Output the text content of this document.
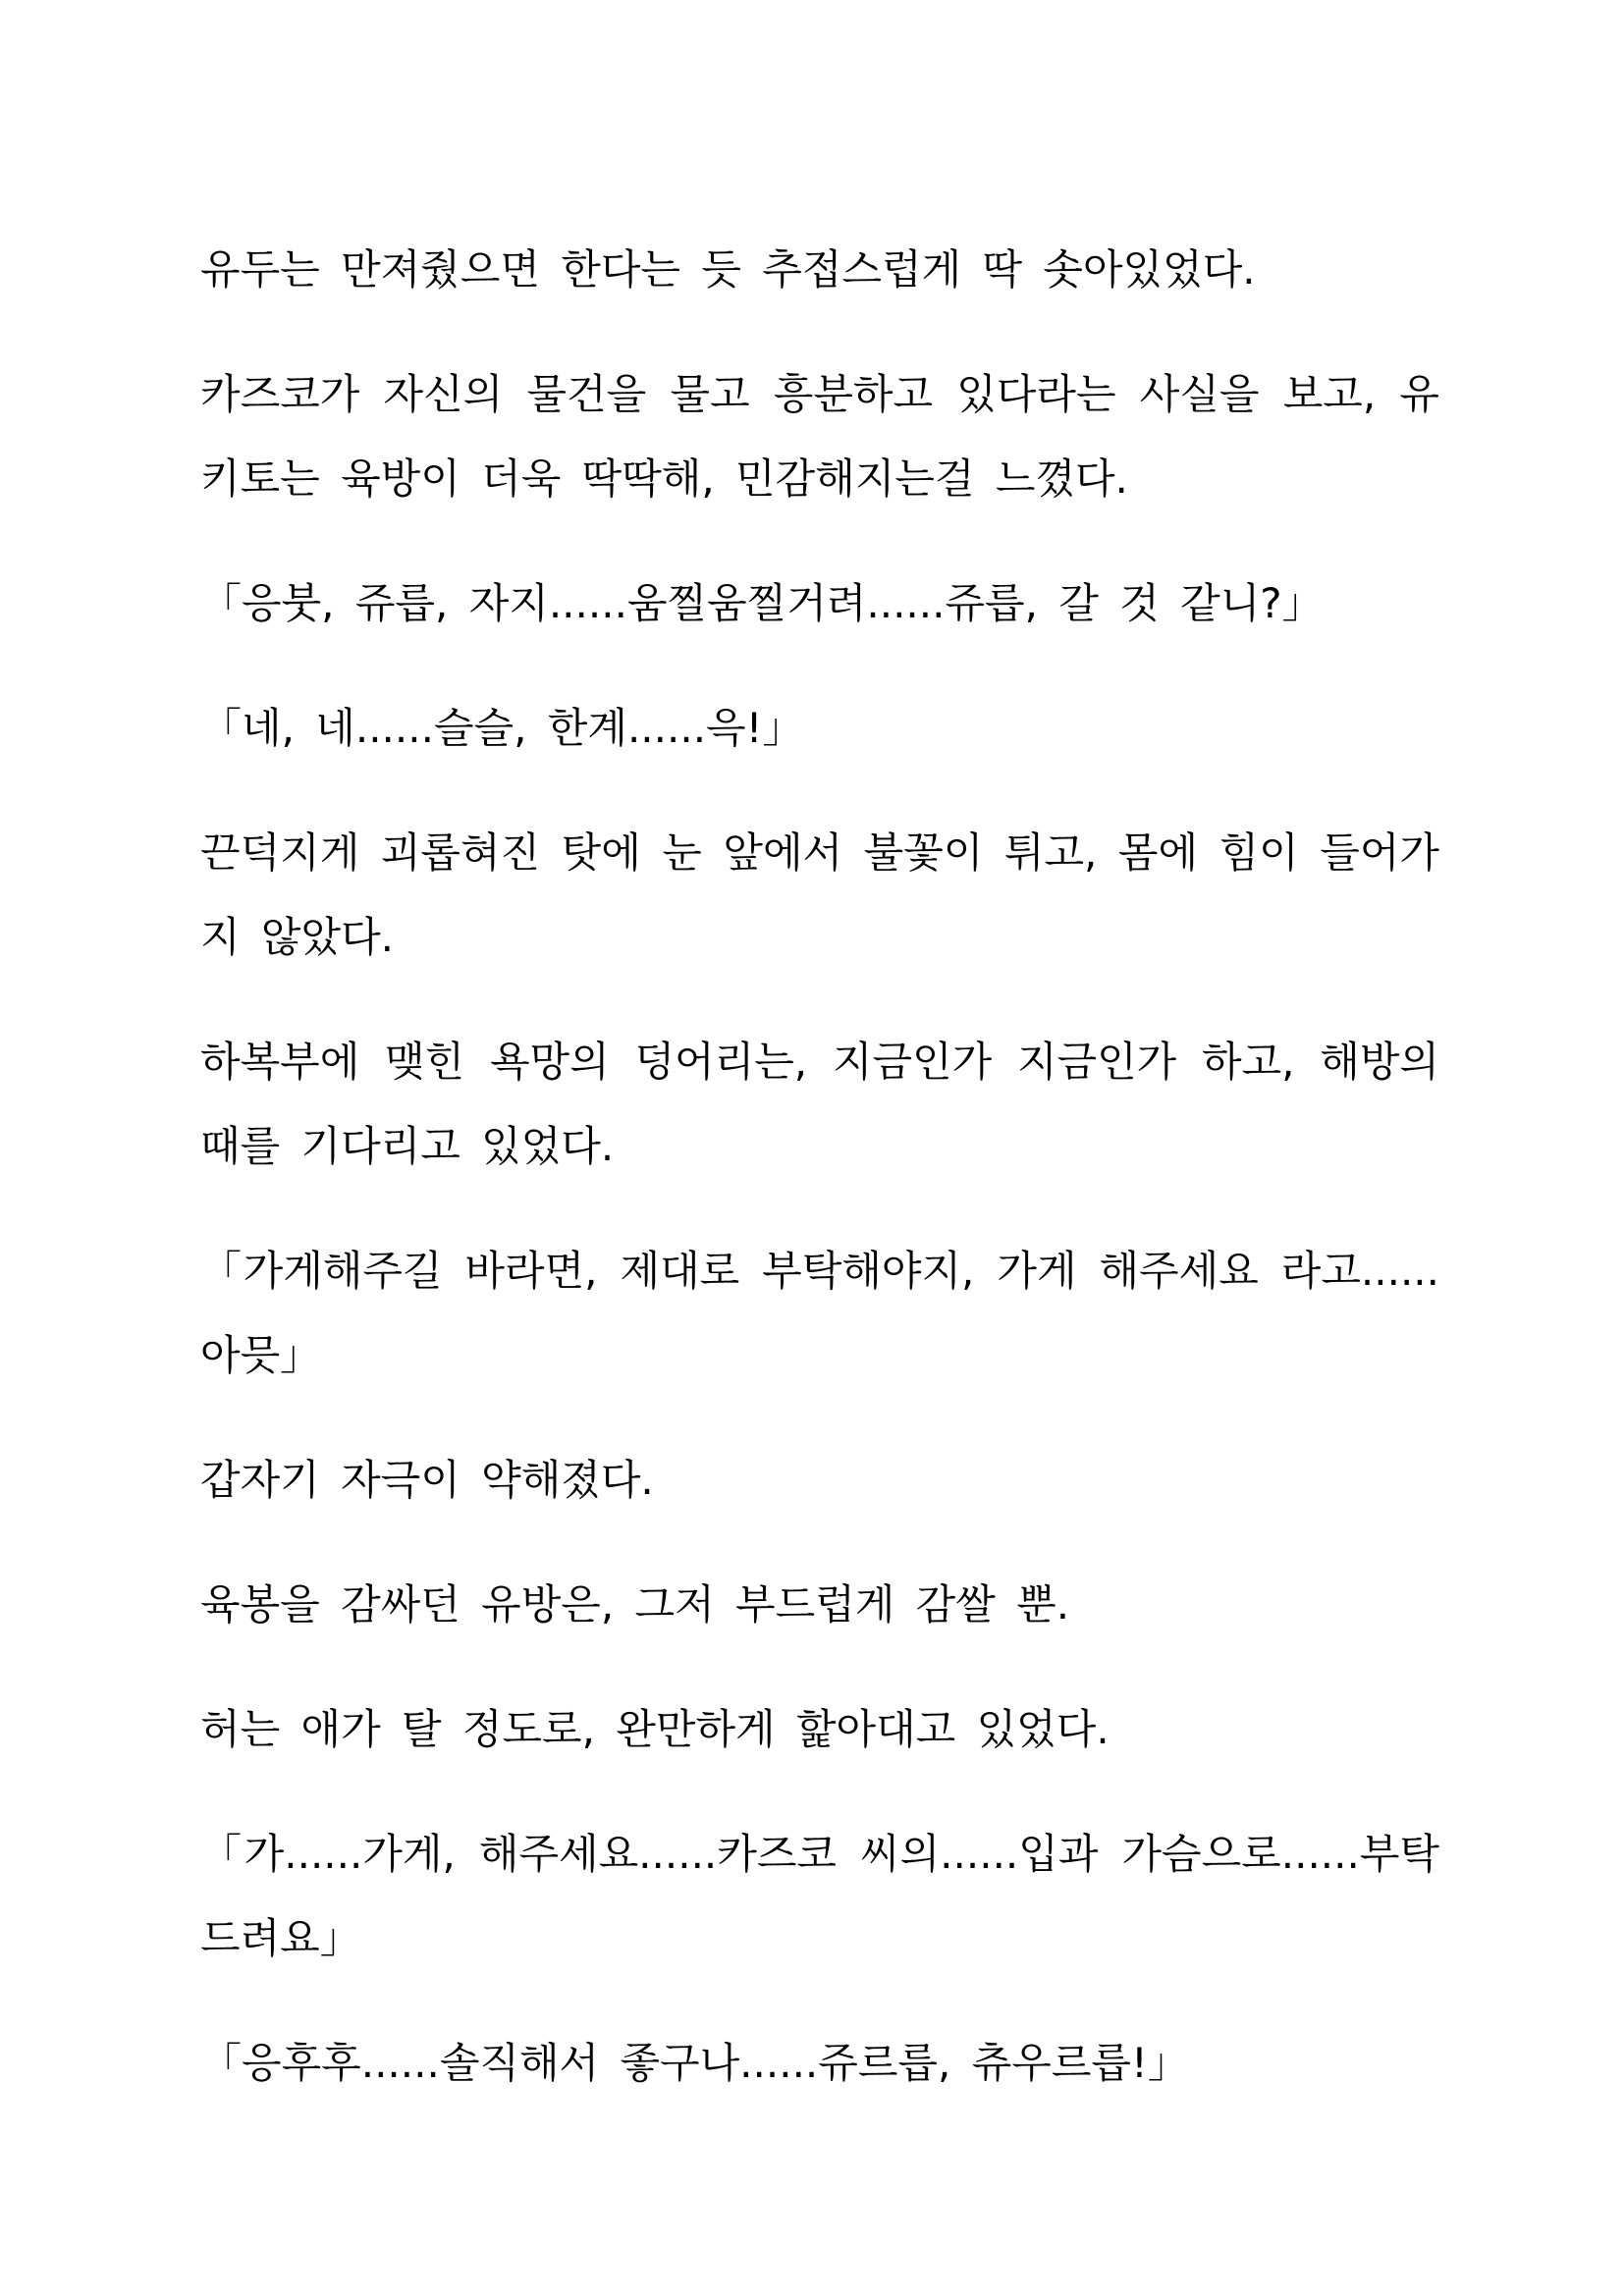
유두는 만져줬으면 한다는 듯 추접스럽게 딱 솟아있었다.

카즈코가 자신의 물건을 물고 흥분하고 있다라는 사실을 보고, 유키토는 육방이 더욱 딱딱해, 민감해지는걸 느꼈다.

「응붓, 쥬릅, 자지......움찔움찔거려......쥬릅, 갈 것 같니?」

「네, 네......슬슬, 한계......윽!」

끈덕지게 괴롭혀진 탓에 눈 앞에서 불꽃이 튀고, 몸에 힘이 들어가지 않았다.

하복부에 맺힌 욕망의 덩어리는, 지금인가 지금인가 하고, 해방의 때를 기다리고 있었다.

「가게해주길 바라면, 제대로 부탁해야지, 가게 해주세요 라고......아믓」

갑자기 자극이 약해졌다.

육봉을 감싸던 유방은, 그저 부드럽게 감쌀 뿐.

허는 애가 탈 정도로, 완만하게 핥아대고 있었다.

「가......가게, 해주세요......카즈코 씨의......입과 가슴으로......부탁드려요」

「응후후......솔직해서 좋구나......쥬르릅, 츄우르릅!」
